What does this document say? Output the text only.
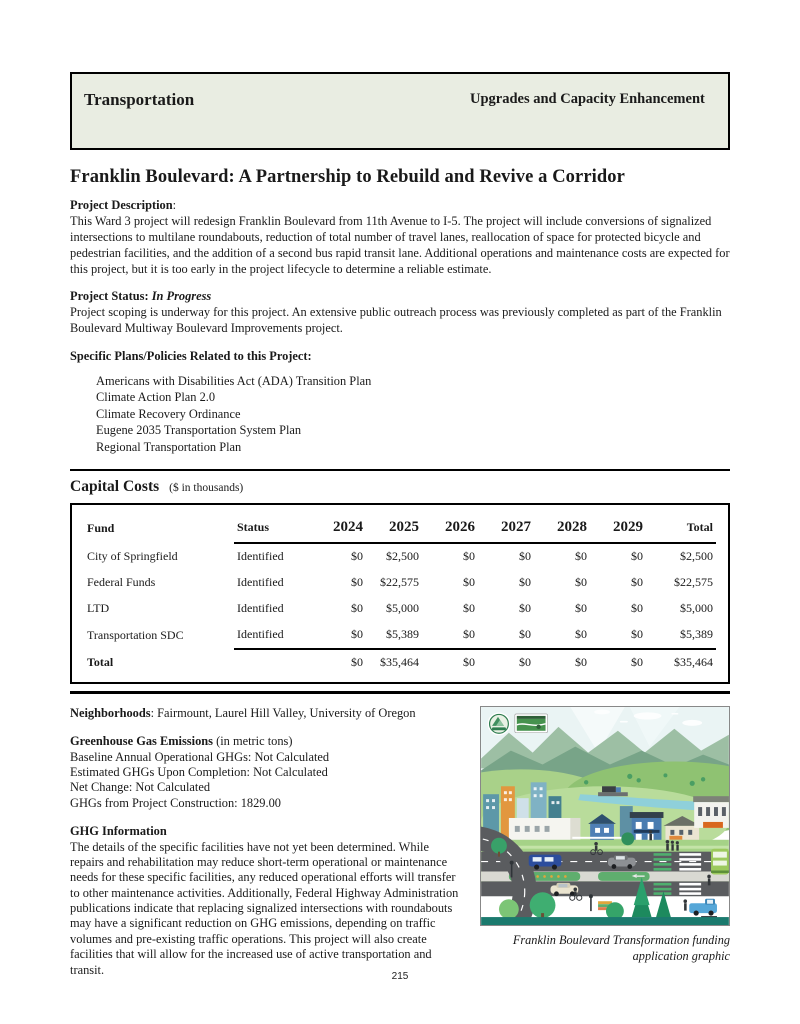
Transportation	Upgrades and Capacity Enhancement
Franklin Boulevard: A Partnership to Rebuild and Revive a Corridor
Project Description:
This Ward 3 project will redesign Franklin Boulevard from 11th Avenue to I-5. The project will include conversions of signalized intersections to multilane roundabouts, reduction of total number of travel lanes, reallocation of space for protected bicycle and pedestrian facilities, and the addition of a second bus rapid transit lane. Additional operations and maintenance costs are expected for this project, but it is too early in the project lifecycle to determine a reliable estimate.
Project Status: In Progress
Project scoping is underway for this project. An extensive public outreach process was previously completed as part of the Franklin Boulevard Multiway Boulevard Improvements project.
Specific Plans/Policies Related to this Project:
Americans with Disabilities Act (ADA) Transition Plan
Climate Action Plan 2.0
Climate Recovery Ordinance
Eugene 2035 Transportation System Plan
Regional Transportation Plan
Capital Costs ($ in thousands)
Fund	Status	2024	2025	2026	2027	2028	2029	Total
City of Springfield	Identified	$0	$2,500	$0	$0	$0	$0	$2,500
Federal Funds	Identified	$0	$22,575	$0	$0	$0	$0	$22,575
LTD	Identified	$0	$5,000	$0	$0	$0	$0	$5,000
Transportation SDC	Identified	$0	$5,389	$0	$0	$0	$0	$5,389
Total		$0	$35,464	$0	$0	$0	$0	$35,464
Neighborhoods: Fairmount, Laurel Hill Valley, University of Oregon
Greenhouse Gas Emissions (in metric tons)
Baseline Annual Operational GHGs: Not Calculated
Estimated GHGs Upon Completion: Not Calculated
Net Change: Not Calculated
GHGs from Project Construction: 1829.00
GHG Information
The details of the specific facilities have not yet been determined. While repairs and rehabilitation may reduce short-term operational or maintenance needs for these specific facilities, any reduced operational efforts will transfer to other maintenance activities. Additionally, Federal Highway Administration publications indicate that replacing signalized intersections with roundabouts may have a significant reduction on GHG emissions, depending on traffic volumes and pre-existing traffic operations. This project will also create facilities that will allow for the increased use of active transportation and transit.
Franklin Boulevard Transformation funding application graphic
215
